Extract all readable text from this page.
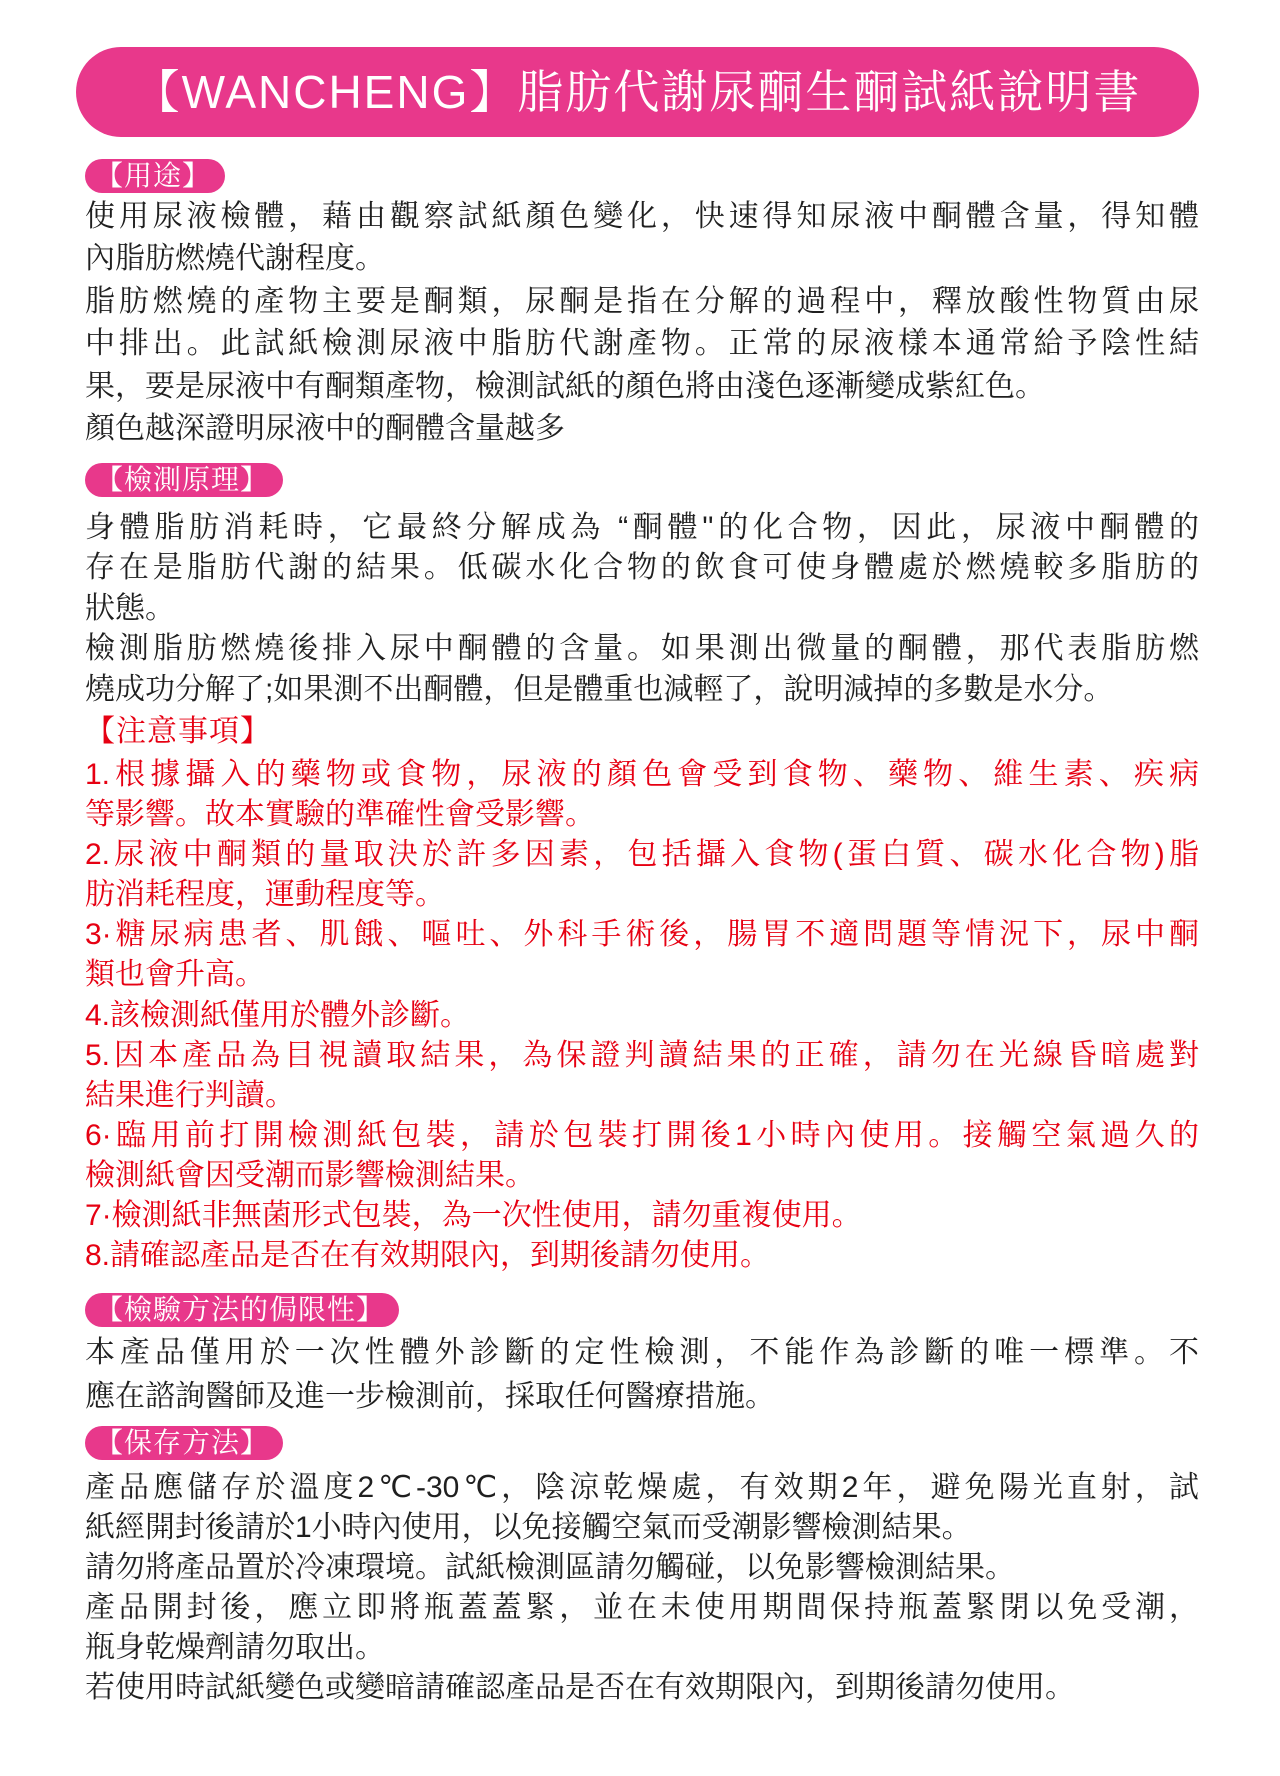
【WANCHENG】脂肪代謝尿酮生酮試紙說明書
【用途】
使用尿液檢體，藉由觀察試紙顏色變化，快速得知尿液中酮體含量，得知體
內脂肪燃燒代謝程度。
脂肪燃燒的產物主要是酮類，尿酮是指在分解的過程中，釋放酸性物質由尿
中排出。此試紙檢測尿液中脂肪代謝產物。正常的尿液樣本通常給予陰性結
果，要是尿液中有酮類產物，檢測試紙的顏色將由淺色逐漸變成紫紅色。
顏色越深證明尿液中的酮體含量越多
【檢測原理】
身體脂肪消耗時，它最終分解成為 “酮體''的化合物，因此，尿液中酮體的
存在是脂肪代謝的結果。低碳水化合物的飲食可使身體處於燃燒較多脂肪的
狀態。
檢測脂肪燃燒後排入尿中酮體的含量。如果測出微量的酮體，那代表脂肪燃
燒成功分解了;如果測不出酮體，但是體重也減輕了，說明減掉的多數是水分。
【注意事項】
1.根據攝入的藥物或食物，尿液的顏色會受到食物、藥物、維生素、疾病
等影響。故本實驗的準確性會受影響。
2.尿液中酮類的量取決於許多因素，包括攝入食物(蛋白質、碳水化合物)脂
肪消耗程度，運動程度等。
3·糖尿病患者、肌餓、嘔吐、外科手術後，腸胃不適問題等情況下，尿中酮
類也會升高。
4.該檢測紙僅用於體外診斷。
5.因本產品為目視讀取結果，為保證判讀結果的正確，請勿在光線昏暗處對
結果進行判讀。
6·臨用前打開檢測紙包裝，請於包裝打開後1小時內使用。接觸空氣過久的
檢測紙會因受潮而影響檢測結果。
7·檢測紙非無菌形式包裝，為一次性使用，請勿重複使用。
8.請確認產品是否在有效期限內，到期後請勿使用。
【檢驗方法的侷限性】
本產品僅用於一次性體外診斷的定性檢測，不能作為診斷的唯一標準。不
應在諮詢醫師及進一步檢測前，採取任何醫療措施。
【保存方法】
產品應儲存於溫度2℃-30℃，陰涼乾燥處，有效期2年，避免陽光直射，試
紙經開封後請於1小時內使用，以免接觸空氣而受潮影響檢測結果。
請勿將產品置於冷凍環境。試紙檢測區請勿觸碰，以免影響檢測結果。
產品開封後，應立即將瓶蓋蓋緊，並在未使用期間保持瓶蓋緊閉以免受潮，
瓶身乾燥劑請勿取出。
若使用時試紙變色或變暗請確認產品是否在有效期限內，到期後請勿使用。
